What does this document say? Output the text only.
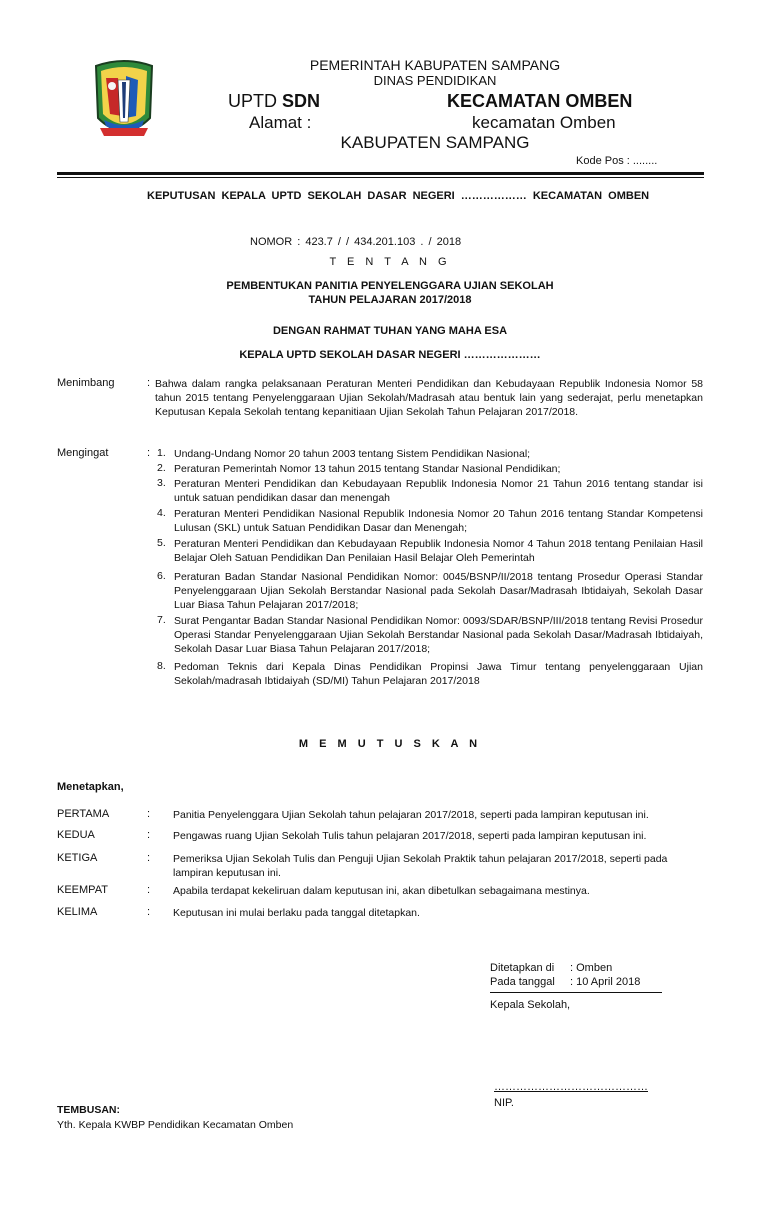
PEMERINTAH KABUPATEN SAMPANG
DINAS PENDIDIKAN
UPTD SDN	KECAMATAN OMBEN
Alamat :	kecamatan Omben
KABUPATEN SAMPANG
Kode Pos : ........
KEPUTUSAN KEPALA UPTD SEKOLAH DASAR NEGERI ……………… KECAMATAN OMBEN
NOMOR : 423.7 / / 434.201.103 . / 2018
T E N T A N G
PEMBENTUKAN PANITIA PENYELENGGARA UJIAN SEKOLAH
TAHUN PELAJARAN 2017/2018
DENGAN RAHMAT TUHAN YANG MAHA ESA
KEPALA UPTD SEKOLAH DASAR NEGERI …………………
Menimbang	: Bahwa dalam rangka pelaksanaan Peraturan Menteri Pendidikan dan Kebudayaan Republik Indonesia Nomor 58 tahun 2015 tentang Penyelenggaraan Ujian Sekolah/Madrasah atau bentuk lain yang sederajat, perlu menetapkan Keputusan Kepala Sekolah tentang kepanitiaan Ujian Sekolah Tahun Pelajaran 2017/2018.
Mengingat	: 1. Undang-Undang Nomor 20 tahun 2003 tentang Sistem Pendidikan Nasional;
2. Peraturan Pemerintah Nomor 13 tahun 2015 tentang Standar Nasional Pendidikan;
3. Peraturan Menteri Pendidikan dan Kebudayaan Republik Indonesia Nomor 21 Tahun 2016 tentang standar isi untuk satuan pendidikan dasar dan menengah
4. Peraturan Menteri Pendidikan Nasional Republik Indonesia Nomor 20 Tahun 2016 tentang Standar Kompetensi Lulusan (SKL) untuk Satuan Pendidikan Dasar dan Menengah;
5. Peraturan Menteri Pendidikan dan Kebudayaan Republik Indonesia Nomor 4 Tahun 2018 tentang Penilaian Hasil Belajar Oleh Satuan Pendidikan Dan Penilaian Hasil Belajar Oleh Pemerintah
6. Peraturan Badan Standar Nasional Pendidikan Nomor: 0045/BSNP/II/2018 tentang Prosedur Operasi Standar Penyelenggaraan Ujian Sekolah Berstandar Nasional pada Sekolah Dasar/Madrasah Ibtidaiyah, Sekolah Dasar Luar Biasa Tahun Pelajaran 2017/2018;
7. Surat Pengantar Badan Standar Nasional Pendidikan Nomor: 0093/SDAR/BSNP/III/2018 tentang Revisi Prosedur Operasi Standar Penyelenggaraan Ujian Sekolah Berstandar Nasional pada Sekolah Dasar/Madrasah Ibtidaiyah, Sekolah Dasar Luar Biasa Tahun Pelajaran 2017/2018;
8. Pedoman Teknis dari Kepala Dinas Pendidikan Propinsi Jawa Timur tentang penyelenggaraan Ujian Sekolah/madrasah Ibtidaiyah (SD/MI) Tahun Pelajaran 2017/2018
M E M U T U S K A N
Menetapkan,
PERTAMA	: Panitia Penyelenggara Ujian Sekolah tahun pelajaran 2017/2018, seperti pada lampiran keputusan ini.
KEDUA	: Pengawas ruang Ujian Sekolah Tulis tahun pelajaran 2017/2018, seperti pada lampiran keputusan ini.
KETIGA	: Pemeriksa Ujian Sekolah Tulis dan Penguji Ujian Sekolah Praktik tahun pelajaran 2017/2018, seperti pada lampiran keputusan ini.
KEEMPAT	: Apabila terdapat kekeliruan dalam keputusan ini, akan dibetulkan sebagaimana mestinya.
KELIMA	: Keputusan ini mulai berlaku pada tanggal ditetapkan.
Ditetapkan di : Omben
Pada tanggal : 10 April 2018
Kepala Sekolah,
……………………………………
NIP.
TEMBUSAN:
Yth. Kepala KWBP Pendidikan Kecamatan Omben
